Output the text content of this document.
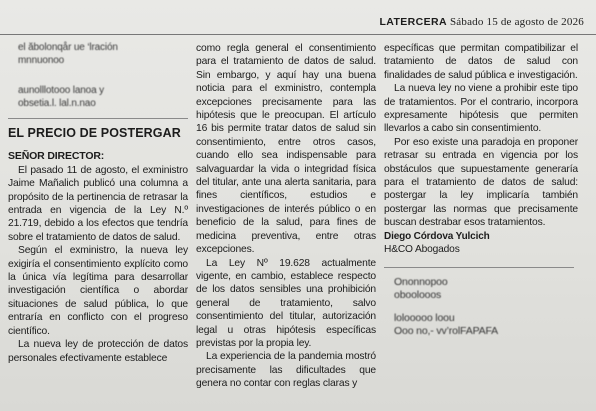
LATERCERA Sábado 15 de agosto de 2026

el ăbolonqår ue ‘lración

mnnuonoo

aunolllotooo lanoa y

obsetia.l. lal.n.nao

EL PRECIO DE POSTERGAR

SEÑOR DIRECTOR:

El pasado 11 de agosto, el exministro Jaime Mañalich publicó una columna a propósito de la pertinencia de retrasar la entrada en vigencia de la Ley N.º 21.719, debido a los efectos que tendría sobre el tratamiento de datos de salud.

Según el exministro, la nueva ley exigiría el consentimiento explícito como la única vía legítima para desarrollar investigación científica o abordar situaciones de salud pública, lo que entraría en conflicto con el progreso científico.

La nueva ley de protección de datos personales efectivamente establece

como regla general el consentimiento para el tratamiento de datos de salud. Sin embargo, y aquí hay una buena noticia para el exministro, contempla excepciones precisamente para las hipótesis que le preocupan. El artículo 16 bis permite tratar datos de salud sin consentimiento, entre otros casos, cuando ello sea indispensable para salvaguardar la vida o integridad física del titular, ante una alerta sanitaria, para fines científicos, estudios e investigaciones de interés público o en beneficio de la salud, para fines de medicina preventiva, entre otras excepciones.

La Ley Nº 19.628 actualmente vigente, en cambio, establece respecto de los datos sensibles una prohibición general de tratamiento, salvo consentimiento del titular, autorización legal u otras hipótesis específicas previstas por la propia ley.

La experiencia de la pandemia mostró precisamente las dificultades que genera no contar con reglas claras y

específicas que permitan compatibilizar el tratamiento de datos de salud con finalidades de salud pública e investigación.

La nueva ley no viene a prohibir este tipo de tratamientos. Por el contrario, incorpora expresamente hipótesis que permiten llevarlos a cabo sin consentimiento.

Por eso existe una paradoja en proponer retrasar su entrada en vigencia por los obstáculos que supuestamente generaría para el tratamiento de datos de salud: postergar la ley implicaría también postergar las normas que precisamente buscan destrabar esos tratamientos.

Diego Córdova Yulcich

H&CO Abogados

Ononnopoo

oboolooos

lolooooo loou

Ooo no,- vv’rolFAPAFA
